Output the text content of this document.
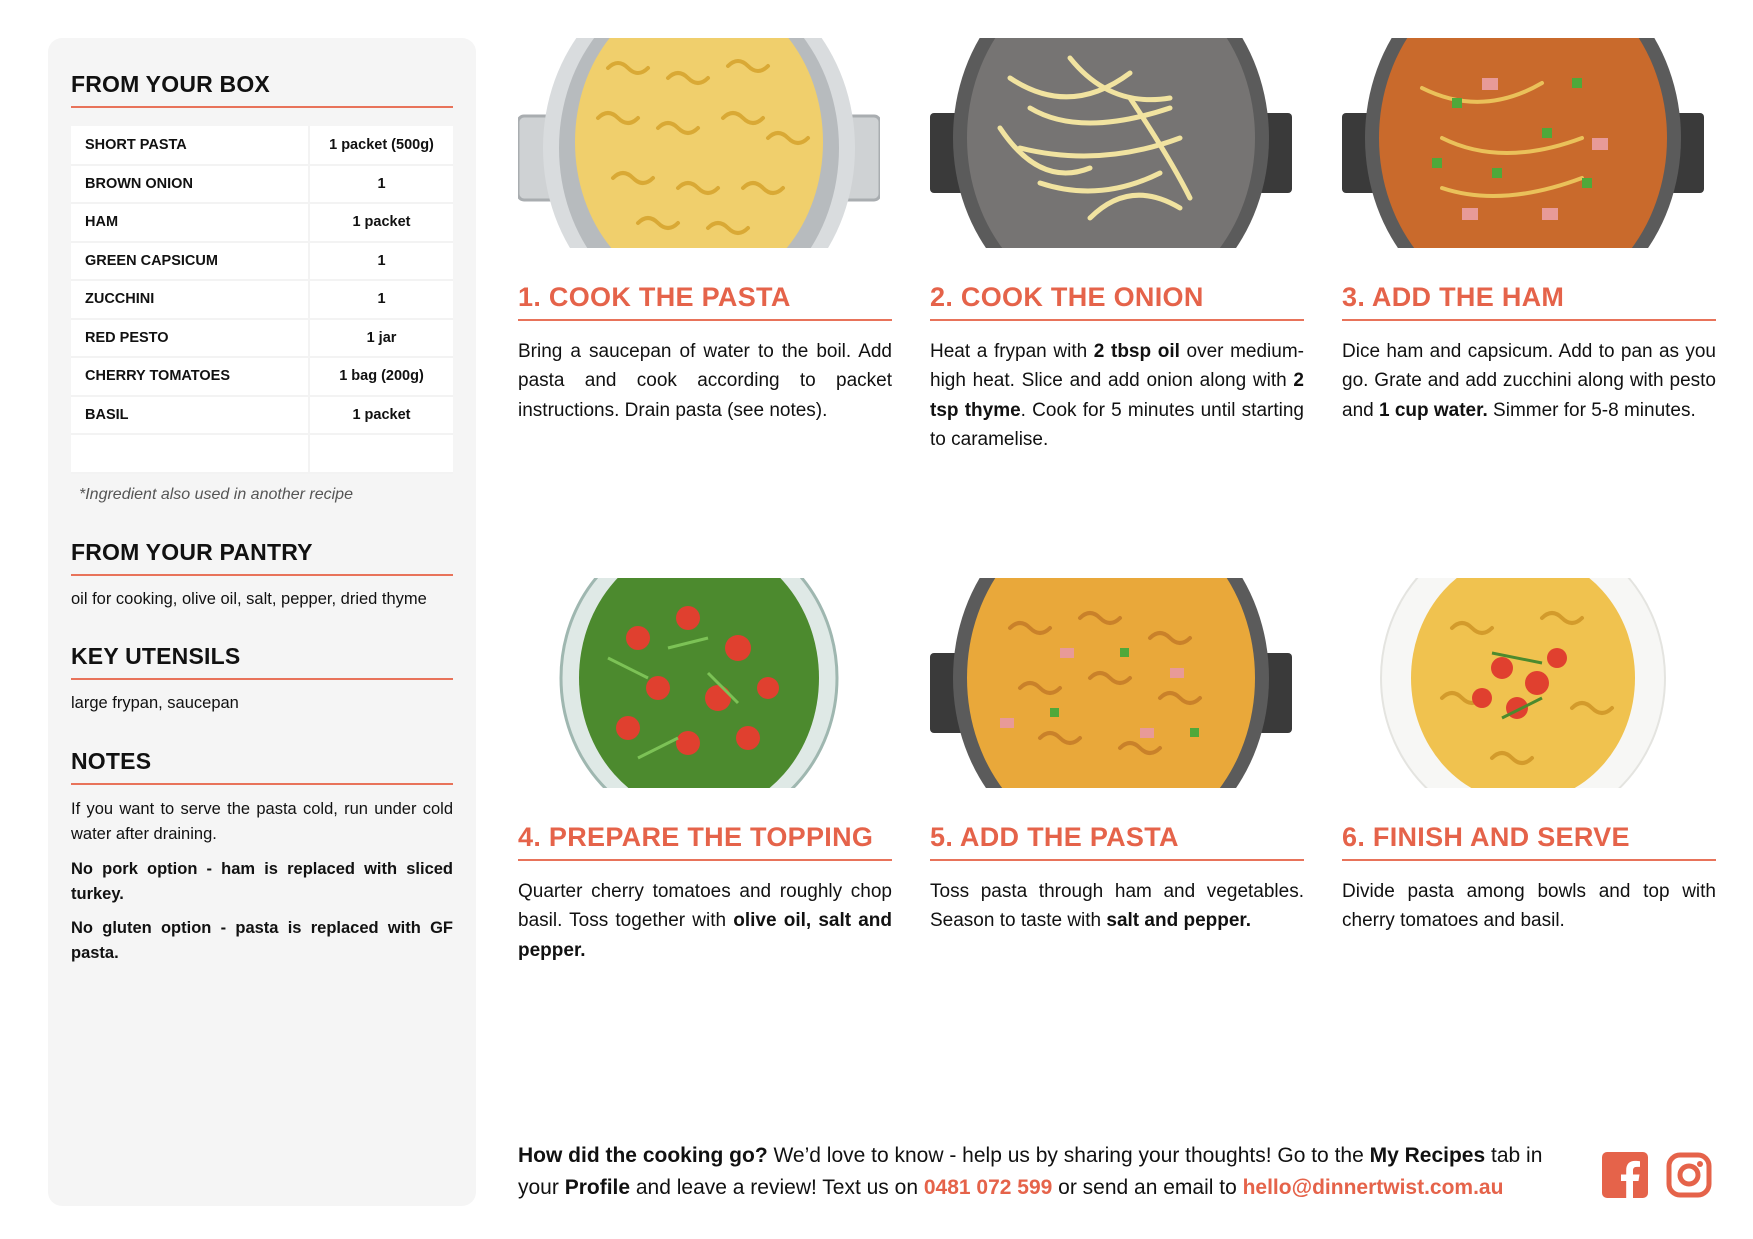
FROM YOUR BOX
SHORT PASTA	1 packet (500g)
BROWN ONION	1
HAM	1 packet
GREEN CAPSICUM	1
ZUCCHINI	1
RED PESTO	1 jar
CHERRY TOMATOES	1 bag (200g)
BASIL	1 packet

*Ingredient also used in another recipe

FROM YOUR PANTRY

oil for cooking, olive oil, salt, pepper, dried thyme

KEY UTENSILS

large frypan, saucepan

NOTES

If you want to serve the pasta cold, run under cold water after draining.

No pork option - ham is replaced with sliced turkey.

No gluten option - pasta is replaced with GF pasta.

1. COOK THE PASTA

Bring a saucepan of water to the boil. Add pasta and cook according to packet instructions. Drain pasta (see notes).

2. COOK THE ONION

Heat a frypan with 2 tbsp oil over medium-high heat. Slice and add onion along with 2 tsp thyme. Cook for 5 minutes until starting to caramelise.

3. ADD THE HAM

Dice ham and capsicum. Add to pan as you go. Grate and add zucchini along with pesto and 1 cup water. Simmer for 5-8 minutes.

4. PREPARE THE TOPPING

Quarter cherry tomatoes and roughly chop basil. Toss together with olive oil, salt and pepper.

5. ADD THE PASTA

Toss pasta through ham and vegetables. Season to taste with salt and pepper.

6. FINISH AND SERVE

Divide pasta among bowls and top with cherry tomatoes and basil.

How did the cooking go? We’d love to know - help us by sharing your thoughts! Go to the My Recipes tab in your Profile and leave a review! Text us on 0481 072 599 or send an email to hello@dinnertwist.com.au
